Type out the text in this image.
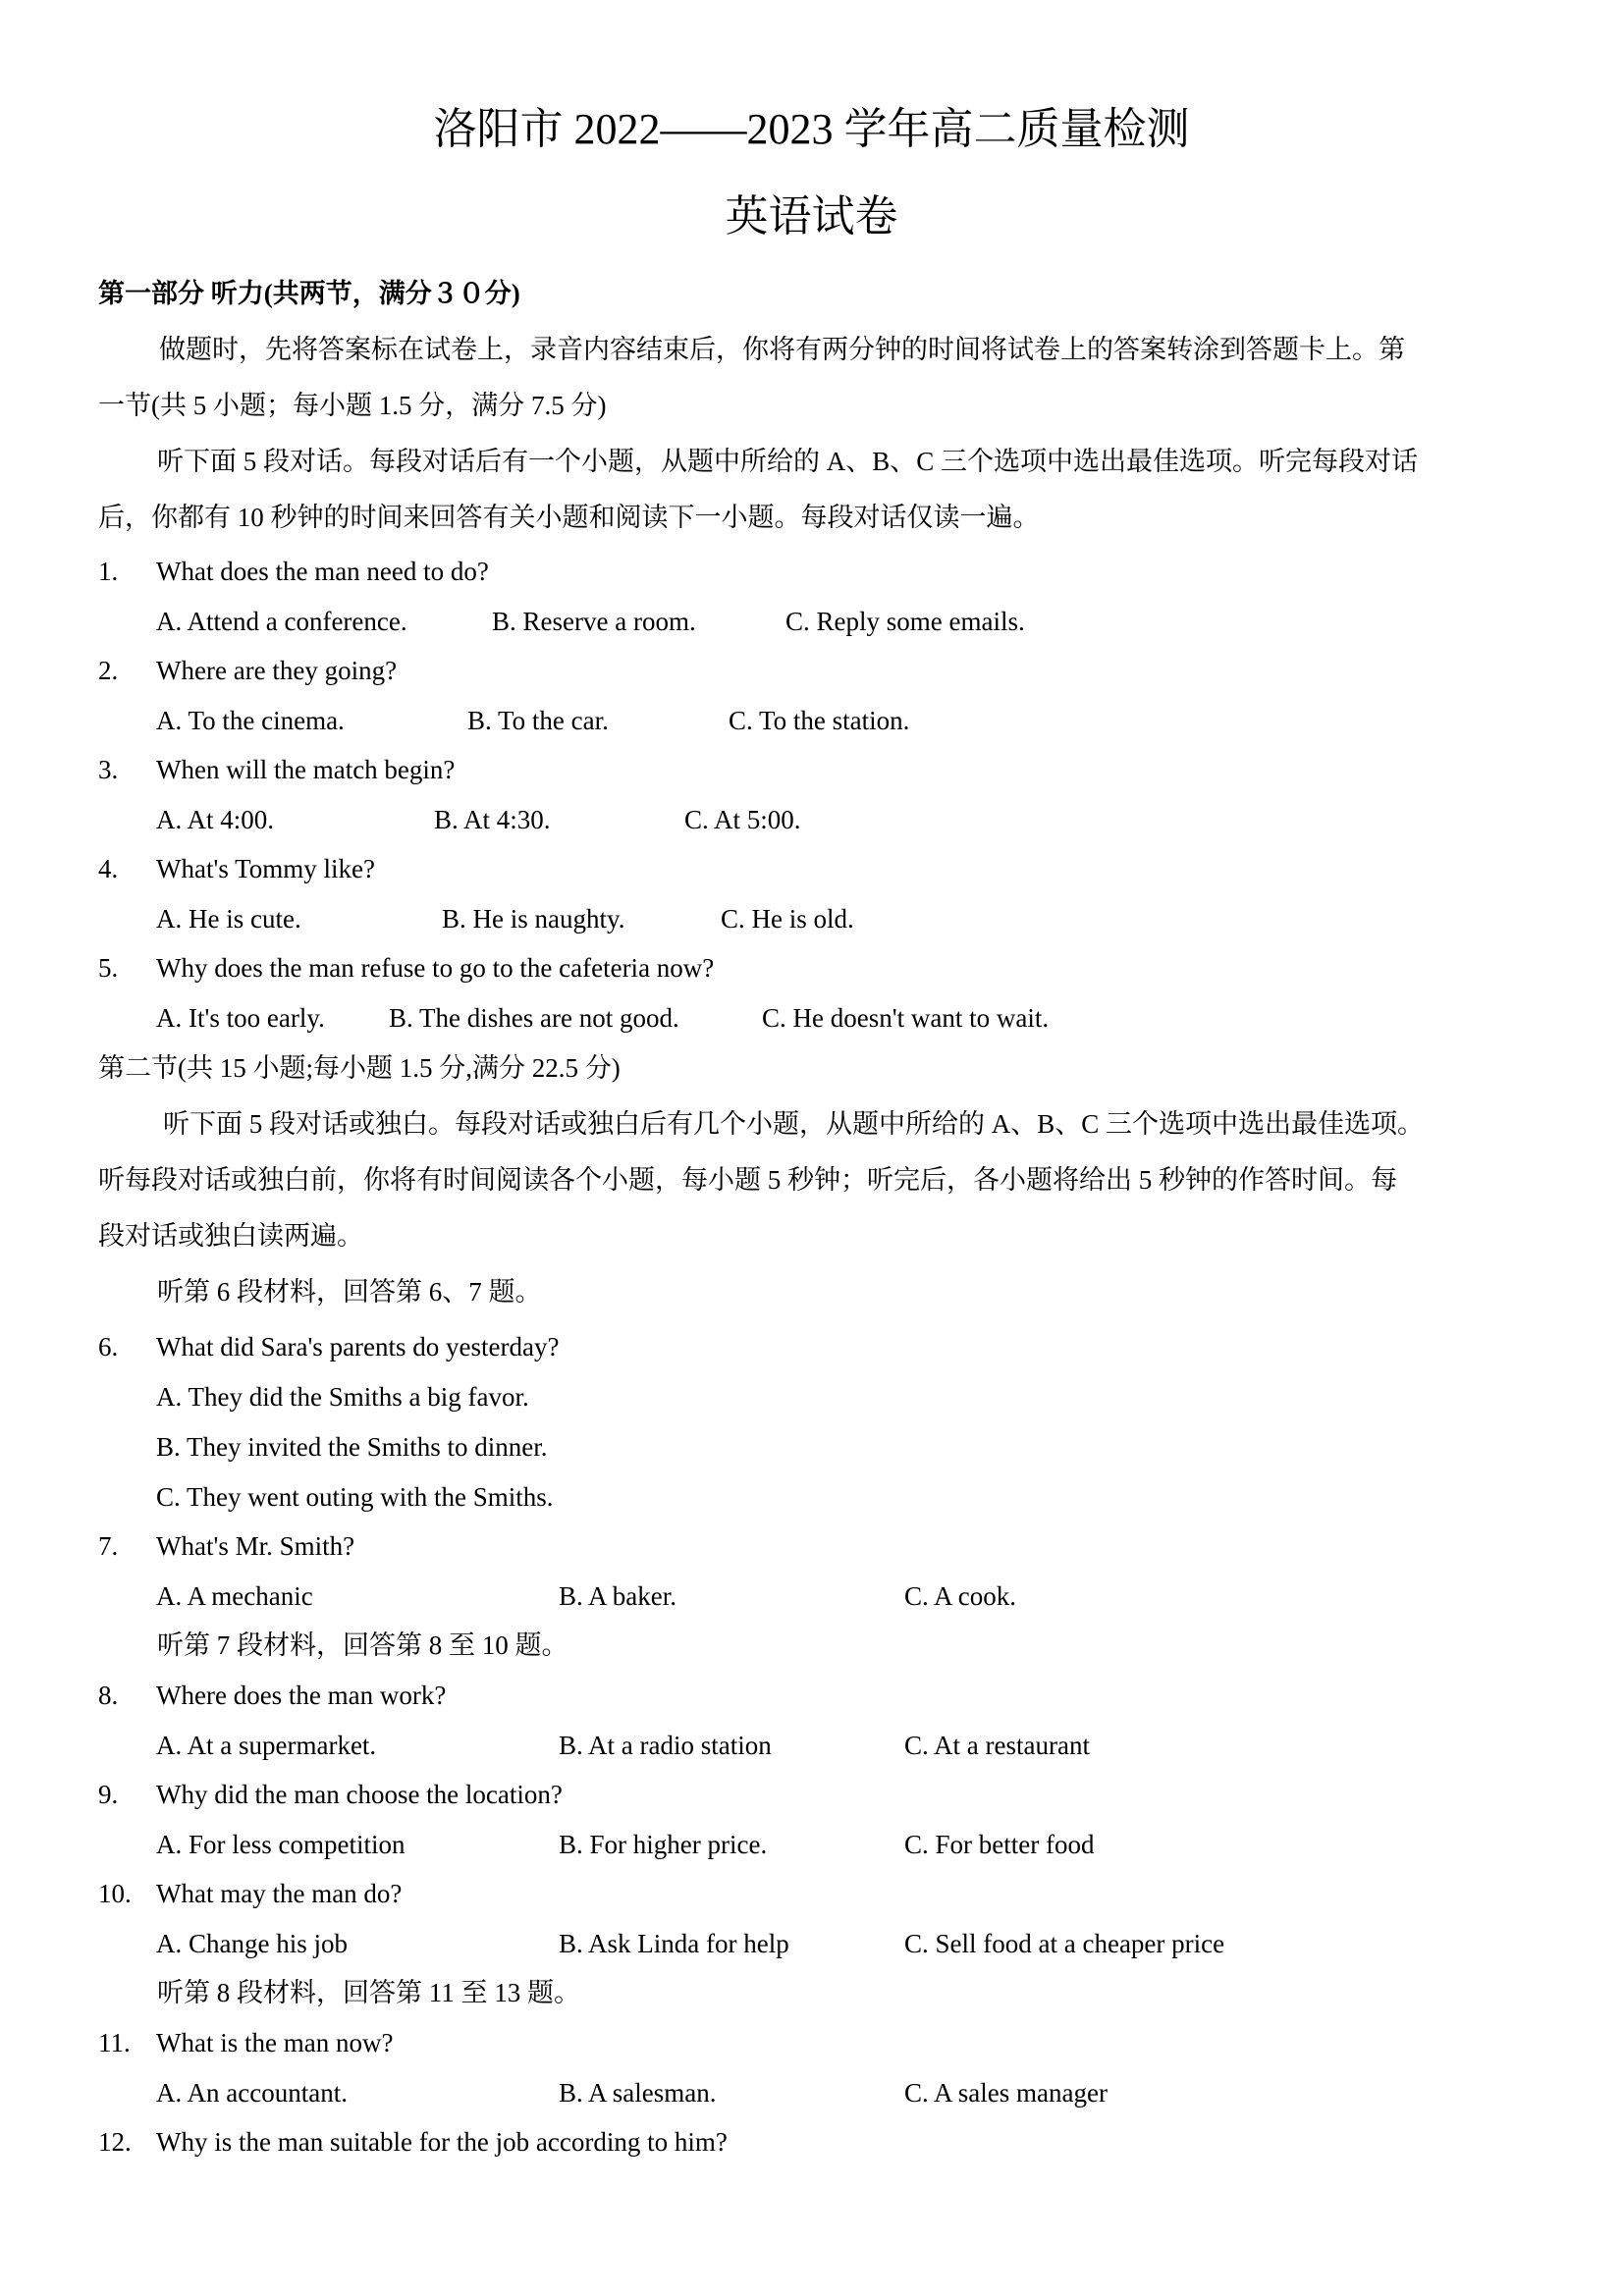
洛阳市 2022——2023 学年高二质量检测
英语试卷
第一部分 听力(共两节，满分３０分)
做题时，先将答案标在试卷上，录音内容结束后，你将有两分钟的时间将试卷上的答案转涂到答题卡上。第
一节(共 5 小题；每小题 1.5 分，满分 7.5 分)
听下面 5 段对话。每段对话后有一个小题，从题中所给的 A、B、C 三个选项中选出最佳选项。听完每段对话
后，你都有 10 秒钟的时间来回答有关小题和阅读下一小题。每段对话仅读一遍。
1. What does the man need to do?
A. Attend a conference.	B. Reserve a room.	C. Reply some emails.
2. Where are they going?
A. To the cinema.	B. To the car.	C. To the station.
3. When will the match begin?
A. At 4:00.	B. At 4:30.	C. At 5:00.
4. What's Tommy like?
A. He is cute.	B. He is naughty.	C. He is old.
5. Why does the man refuse to go to the cafeteria now?
A. It's too early. B. The dishes are not good.	C. He doesn't want to wait.
第二节(共 15 小题;每小题 1.5 分,满分 22.5 分)
听下面 5 段对话或独白。每段对话或独白后有几个小题，从题中所给的 A、B、C 三个选项中选出最佳选项。
听每段对话或独白前，你将有时间阅读各个小题，每小题 5 秒钟；听完后，各小题将给出 5 秒钟的作答时间。每
段对话或独白读两遍。
听第 6 段材料，回答第 6、7 题。
6. What did Sara's parents do yesterday?
A. They did the Smiths a big favor.
B. They invited the Smiths to dinner.
C. They went outing with the Smiths.
7. What's Mr. Smith?
A. A mechanic	B. A baker.	C. A cook.
听第 7 段材料，回答第 8 至 10 题。
8. Where does the man work?
A. At a supermarket.	B. At a radio station	C. At a restaurant
9. Why did the man choose the location?
A. For less competition	B. For higher price.	C. For better food
10. What may the man do?
A. Change his job	B. Ask Linda for help	C. Sell food at a cheaper price
听第 8 段材料，回答第 11 至 13 题。
11. What is the man now?
A. An accountant.	B. A salesman.	C. A sales manager
12. Why is the man suitable for the job according to him?
